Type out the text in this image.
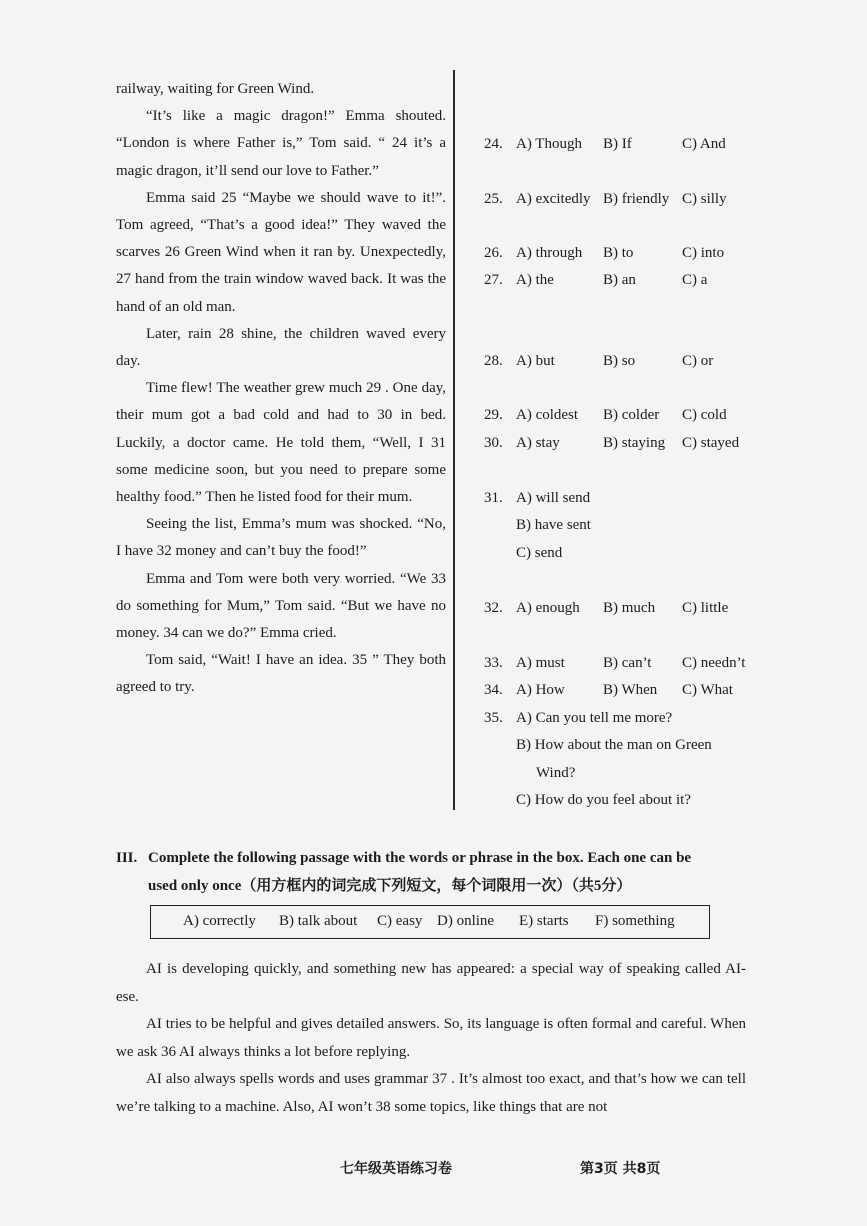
railway, waiting for Green Wind.

“It’s like a magic dragon!” Emma shouted. “London is where Father is,” Tom said. “ 24 it’s a magic dragon, it’ll send our love to Father.”

Emma said 25 “Maybe we should wave to it!”. Tom agreed, “That’s a good idea!” They waved the scarves 26 Green Wind when it ran by. Unexpectedly, 27 hand from the train window waved back. It was the hand of an old man.

Later, rain 28 shine, the children waved every day.

Time flew! The weather grew much 29 . One day, their mum got a bad cold and had to 30 in bed. Luckily, a doctor came. He told them, “Well, I 31 some medicine soon, but you need to prepare some healthy food.” Then he listed food for their mum.

Seeing the list, Emma’s mum was shocked. “No, I have 32 money and can’t buy the food!”

Emma and Tom were both very worried. “We 33 do something for Mum,” Tom said. “But we have no money. 34 can we do?” Emma cried.

Tom said, “Wait! I have an idea. 35 ” They both agreed to try.

24. A) Though B) If	C) And
25. A) excitedly B) friendly C) silly
26. A) through B) to	C) into
27. A) the	B) an	C) a
28. A) but	B) so	C) or
29. A) coldest B) colder C) cold
30. A) stay	B) staying C) stayed
31. A) will send
B) have sent
C) send
32. A) enough B) much C) little
33. A) must	B) can’t C) needn’t
34. A) How	B) When C) What
35. A) Can you tell me more?
B) How about the man on Green
Wind?
C) How do you feel about it?
III. Complete the following passage with the words or phrase in the box. Each one can be
used only once（用方框内的词完成下列短文，每个词限用一次）（共5分）
A) correctly B) talk about C) easy D) online E) starts F) something

AI is developing quickly, and something new has appeared: a special way of speaking called AI-ese.

AI tries to be helpful and gives detailed answers. So, its language is often formal and careful. When we ask 36 AI always thinks a lot before replying.

AI also always spells words and uses grammar 37 . It’s almost too exact, and that’s how we can tell we’re talking to a machine. Also, AI won’t 38 some topics, like things that are not

七年级英语练习卷	第3页 共8页
